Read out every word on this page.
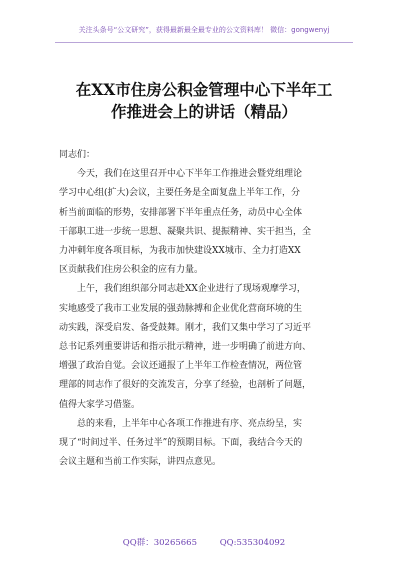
关注头条号“公文研究”，获得最新最全最专业的公文资料库！ 微信：gongwenyj
在XX市住房公积金管理中心下半年工
作推进会上的讲话（精品）

同志们：

今天，我们在这里召开中心下半年工作推进会暨党组理论
学习中心组(扩大)会议，主要任务是全面复盘上半年工作，分
析当前面临的形势，安排部署下半年重点任务，动员中心全体
干部职工进一步统一思想、凝聚共识、提振精神、实干担当，全
力冲刺年度各项目标，为我市加快建设XX城市、全力打造XX
区贡献我们住房公积金的应有力量。

上午，我们组织部分同志赴XX企业进行了现场观摩学习，
实地感受了我市工业发展的强劲脉搏和企业优化营商环境的生
动实践，深受启发、备受鼓舞。刚才，我们又集中学习了习近平
总书记系列重要讲话和指示批示精神，进一步明确了前进方向、
增强了政治自觉。会议还通报了上半年工作检查情况，两位管
理部的同志作了很好的交流发言，分享了经验，也剖析了问题，
值得大家学习借鉴。

总的来看，上半年中心各项工作推进有序、亮点纷呈，实
现了“时间过半、任务过半”的预期目标。下面，我结合今天的
会议主题和当前工作实际，讲四点意见。

QQ群：30265665	QQ:535304092
